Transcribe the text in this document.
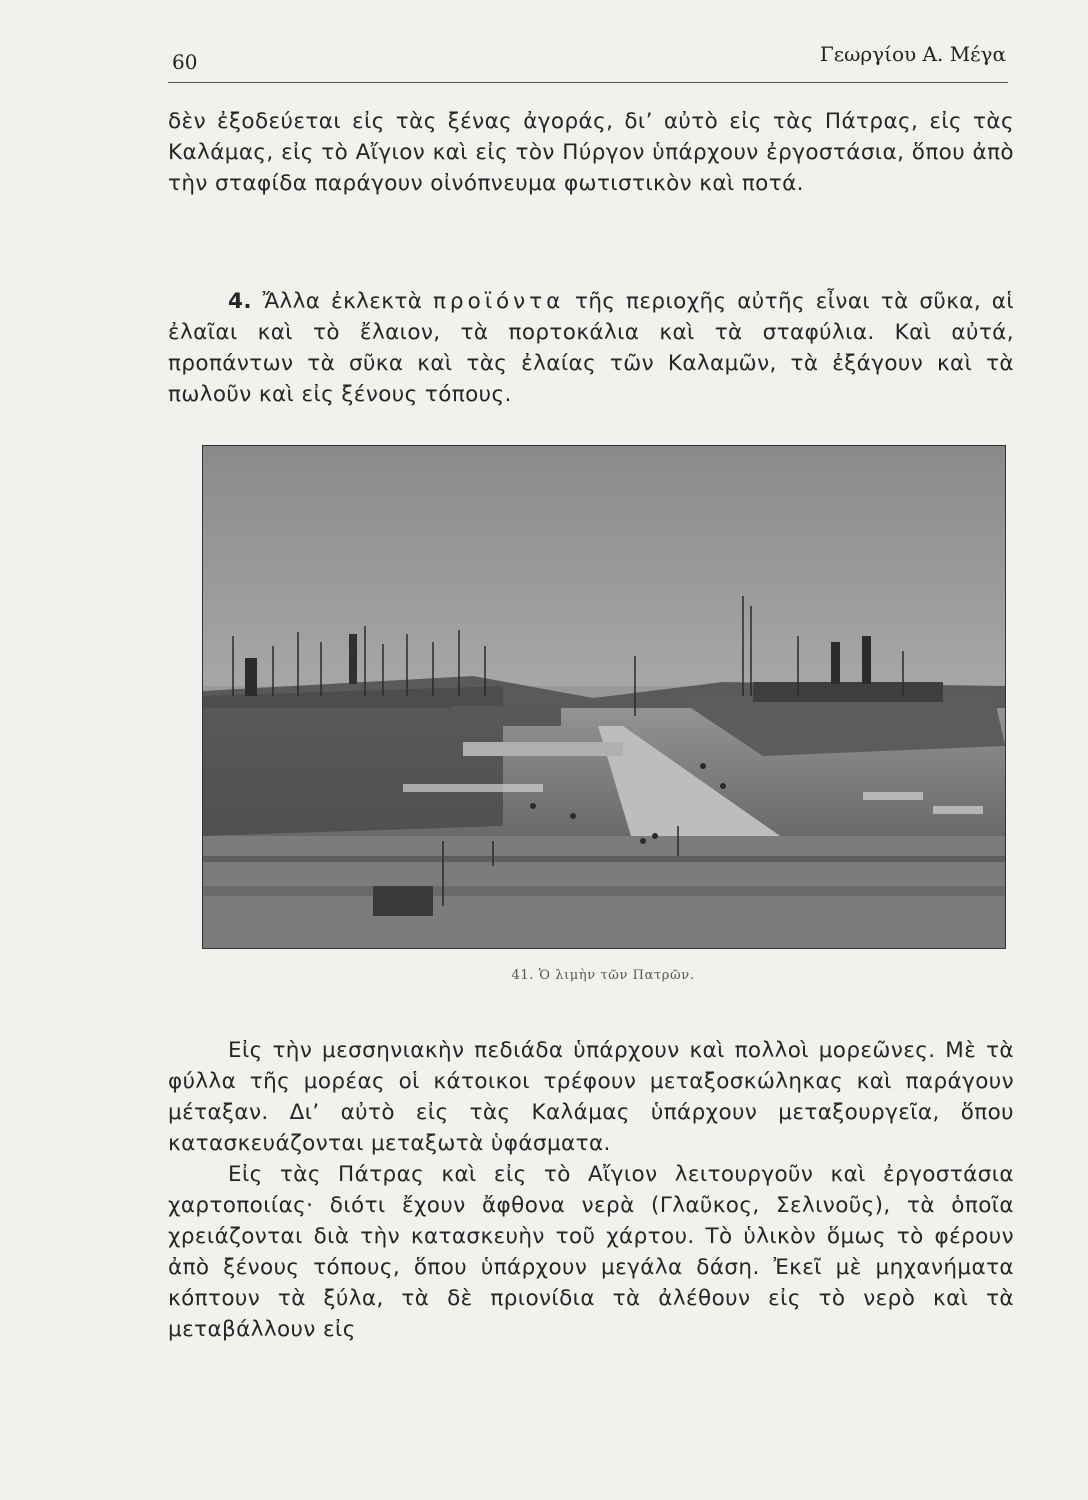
60	Γεωργίου Α. Μέγα

δὲν ἐξοδεύεται εἰς τὰς ξένας ἀγοράς, δι’ αὐτὸ εἰς τὰς Πάτρας, εἰς τὰς Καλάμας, εἰς τὸ Αἴγιον καὶ εἰς τὸν Πύργον ὑπάρχουν ἐργοστάσια, ὅπου ἀπὸ τὴν σταφίδα παράγουν οἰνόπνευμα φωτιστικὸν καὶ ποτά.

4. Ἄλλα ἐκλεκτὰ προϊόντα τῆς περιοχῆς αὐτῆς εἶναι τὰ σῦκα, αἱ ἐλαῖαι καὶ τὸ ἔλαιον, τὰ πορτοκάλια καὶ τὰ σταφύλια. Καὶ αὐτά, προπάντων τὰ σῦκα καὶ τὰς ἐλαίας τῶν Καλαμῶν, τὰ ἐξάγουν καὶ τὰ πωλοῦν καὶ εἰς ξένους τόπους.

41. Ὁ λιμὴν τῶν Πατρῶν.

Εἰς τὴν μεσσηνιακὴν πεδιάδα ὑπάρχουν καὶ πολλοὶ μορεῶνες. Μὲ τὰ φύλλα τῆς μορέας οἱ κάτοικοι τρέφουν μεταξοσκώληκας καὶ παράγουν μέταξαν. Δι’ αὐτὸ εἰς τὰς Καλάμας ὑπάρχουν μεταξουργεῖα, ὅπου κατασκευάζονται μεταξωτὰ ὑφάσματα.

Εἰς τὰς Πάτρας καὶ εἰς τὸ Αἴγιον λειτουργοῦν καὶ ἐργοστάσια χαρτοποιίας· διότι ἔχουν ἄφθονα νερὰ (Γλαῦκος, Σελινοῦς), τὰ ὁποῖα χρειάζονται διὰ τὴν κατασκευὴν τοῦ χάρτου. Τὸ ὑλικὸν ὅμως τὸ φέρουν ἀπὸ ξένους τόπους, ὅπου ὑπάρχουν μεγάλα δάση. Ἐκεῖ μὲ μηχανήματα κόπτουν τὰ ξύλα, τὰ δὲ πριονίδια τὰ ἀλέθουν εἰς τὸ νερὸ καὶ τὰ μεταβάλλουν εἰς
